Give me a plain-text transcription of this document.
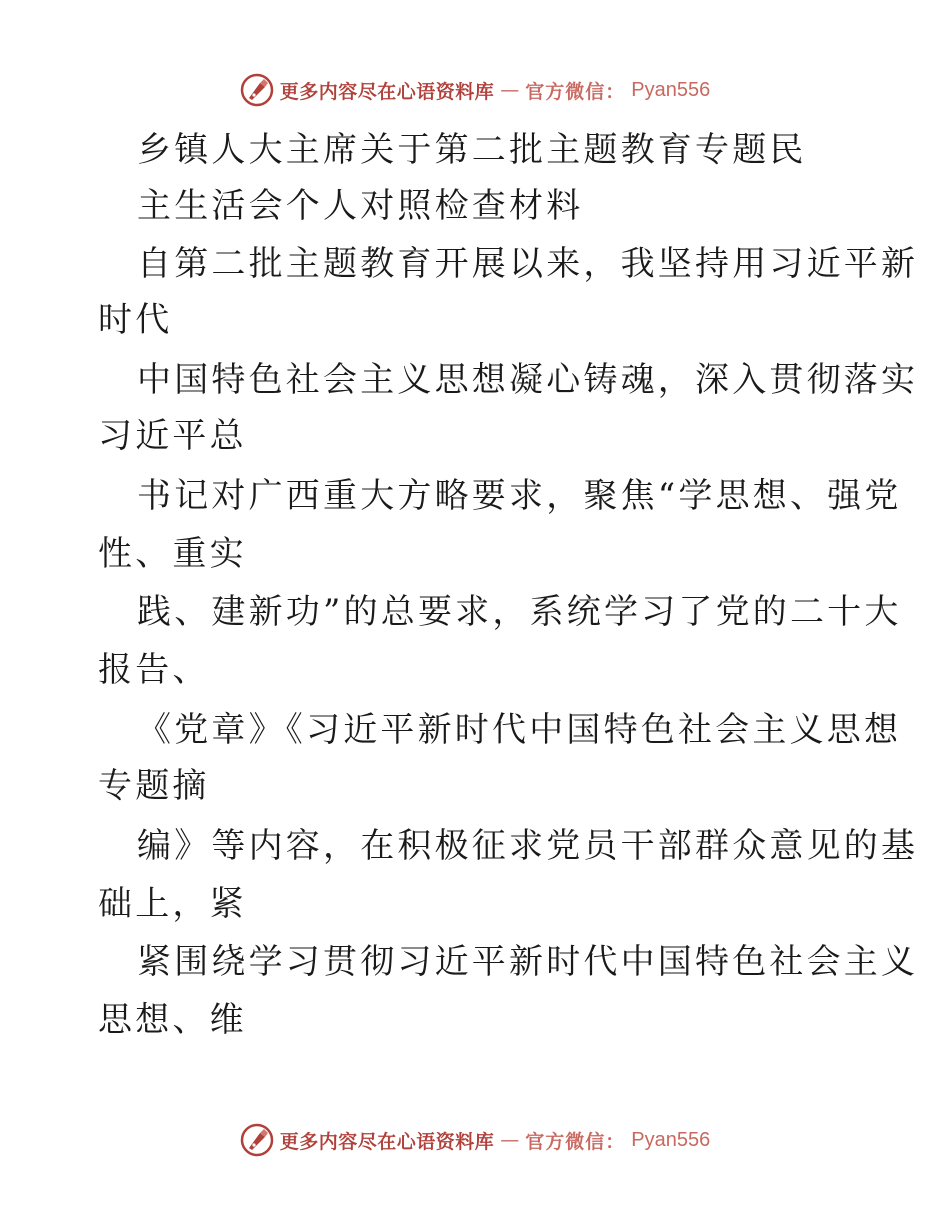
更多内容尽在心语资料库 — 官方微信： Pyan556
乡镇人大主席关于第二批主题教育专题民
主生活会个人对照检查材料
自第二批主题教育开展以来，我坚持用习近平新
时代
中国特色社会主义思想凝心铸魂，深入贯彻落实
习近平总
书记对广西重大方略要求，聚焦“学思想、强党
性、重实
践、建新功”的总要求，系统学习了党的二十大
报告、
《党章》《习近平新时代中国特色社会主义思想
专题摘
编》等内容，在积极征求党员干部群众意见的基
础上，紧
紧围绕学习贯彻习近平新时代中国特色社会主义
思想、维
更多内容尽在心语资料库 — 官方微信： Pyan556
